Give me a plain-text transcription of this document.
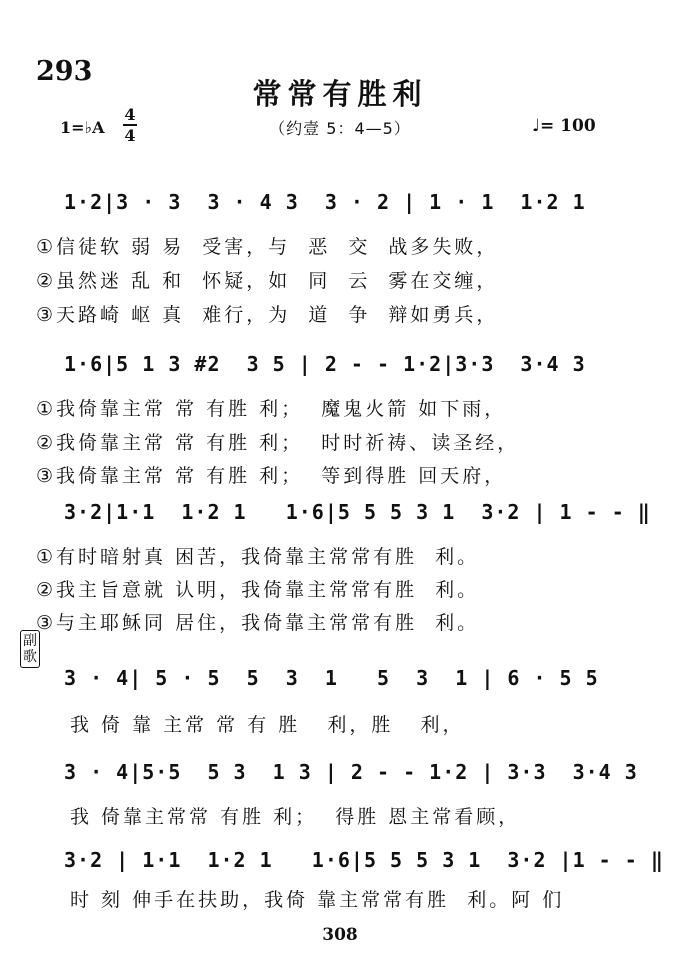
293
常常有胜利
（约壹 5：4—5）
1=♭A
4
4	♩= 100
1·2|3 · 3  3 · 4 3  3 · 2 | 1 · 1  1·2 1
①信徒软 弱 易  受害，与  恶  交  战多失败，
②虽然迷 乱 和  怀疑，如  同  云  雾在交缠，
③天路崎 岖 真  难行，为  道  争  辩如勇兵，
1·6|5 1 3 #2  3 5 | 2 - - 1·2|3·3  3·4 3
①我倚靠主常 常 有胜 利；  魔鬼火箭 如下雨，
②我倚靠主常 常 有胜 利；  时时祈祷、读圣经，
③我倚靠主常 常 有胜 利；  等到得胜 回天府，
3·2|1·1  1·2 1   1·6|5 5 5 3 1  3·2 | 1 - - ‖
①有时暗射真 困苦，我倚靠主常常有胜  利。
②我主旨意就 认明，我倚靠主常常有胜  利。
③与主耶稣同 居住，我倚靠主常常有胜  利。
副歌
3 · 4| 5 · 5  5  3  1   5  3  1 | 6 · 5 5
我 倚 靠 主常 常 有 胜   利，胜   利，
3 · 4|5·5  5 3  1 3 | 2 - - 1·2 | 3·3  3·4 3
我 倚靠主常常 有胜 利；  得胜 恩主常看顾，
3·2 | 1·1  1·2 1   1·6|5 5 5 3 1  3·2 |1 - - ‖
时 刻 伸手在扶助，我倚 靠主常常有胜  利。阿 们
308
